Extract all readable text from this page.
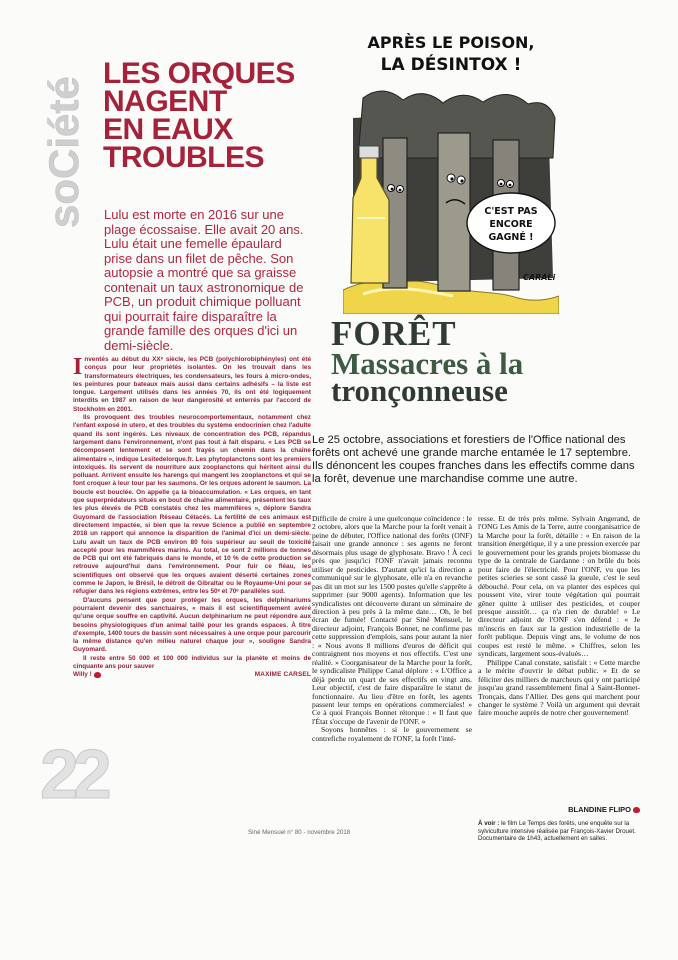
soCiété
LES ORQUES
NAGENT
EN EAUX
TROUBLES
Lulu est morte en 2016 sur une plage écossaise. Elle avait 20 ans. Lulu était une femelle épaulard prise dans un filet de pêche. Son autopsie a montré que sa graisse contenait un taux astronomique de PCB, un produit chimique polluant qui pourrait faire disparaître la grande famille des orques d'ici un demi-siècle.

Inventés au début du XXᵉ siècle, les PCB (polychlorobiphényles) ont été conçus pour leur propriétés isolantes. On les trouvait dans les transformateurs électriques, les condensateurs, les fours à micro-ondes, les peintures pour bateaux mais aussi dans certains adhésifs – la liste est longue. Largement utilisés dans les années 70, ils ont été logiquement interdits en 1987 en raison de leur dangerosité et enterrés par l'accord de Stockholm en 2001.

Ils provoquent des troubles neurocomportementaux, notamment chez l'enfant exposé in utero, et des troubles du système endocrinien chez l'adulte quand ils sont ingérés. Les niveaux de concentration des PCB, répandus largement dans l'environnement, n'ont pas tout à fait disparu. « Les PCB se décomposent lentement et se sont frayés un chemin dans la chaîne alimentaire », indique Lesitedelorque.fr. Les phytoplanctons sont les premiers intoxiqués. Ils servent de nourriture aux zooplanctons qui héritent ainsi du polluant. Arrivent ensuite les harengs qui mangent les zooplanctons et qui se font croquer à leur tour par les saumons. Or les orques adorent le saumon. La boucle est bouclée. On appelle ça la bioaccumulation. « Les orques, en tant que superprédateurs situés en bout de chaîne alimentaire, présentent les taux les plus élevés de PCB constatés chez les mammifères », déplore Sandra Guyomard de l'association Réseau Cétacés. La fertilité de ces animaux est directement impactée, si bien que la revue Science a publié en septembre 2018 un rapport qui annonce la disparition de l'animal d'ici un demi-siècle. Lulu avait un taux de PCB environ 80 fois supérieur au seuil de toxicité accepté pour les mammifères marins. Au total, ce sont 2 millions de tonnes de PCB qui ont été fabriqués dans le monde, et 10 % de cette production se retrouve aujourd'hui dans l'environnement. Pour fuir ce fléau, les scientifiques ont observé que les orques avaient déserté certaines zones comme le Japon, le Brésil, le détroit de Gibraltar ou le Royaume-Uni pour se réfugier dans les régions extrêmes, entre les 50ᵉ et 70ᵉ parallèles sud.

D'aucuns pensent que pour protéger les orques, les delphinariums pourraient devenir des sanctuaires, « mais il est scientifiquement avéré qu'une orque souffre en captivité. Aucun delphinarium ne peut répondre aux besoins physiologiques d'un animal taillé pour les grands espaces. À titre d'exemple, 1400 tours de bassin sont nécessaires à une orque pour parcourir la même distance qu'en milieu naturel chaque jour », souligne Sandra Guyomard.

Il reste entre 50 000 et 100 000 individus sur la planète et moins de cinquante ans pour sauver

Willy !	MAXIME CARSEL
22
APRÈS LE POISON,
LA DÉSINTOX !
C'EST PAS
ENCORE
GAGNÉ !
CARALi
FORÊT
Massacres à la
tronçonneuse
Le 25 octobre, associations et forestiers de l'Office national des forêts ont achevé une grande marche entamée le 17 septembre. Ils dénoncent les coupes franches dans les effectifs comme dans la forêt, devenue une marchandise comme une autre.

Difficile de croire à une quelconque coïncidence : le 2 octobre, alors que la Marche pour la forêt venait à peine de débuter, l'Office national des forêts (ONF) faisait une grande annonce : ses agents ne feront désormais plus usage de glyphosate. Bravo ! À ceci près que jusqu'ici l'ONF n'avait jamais reconnu utiliser de pesticides. D'autant qu'ici la direction a communiqué sur le glyphosate, elle n'a en revanche pas dit un mot sur les 1500 postes qu'elle s'apprête à supprimer (sur 9000 agents). Information que les syndicalistes ont découverte durant un séminaire de direction à peu près à la même date… Oh, le bel écran de fumée! Contacté par Siné Mensuel, le directeur adjoint, François Bonnet, ne confirme pas cette suppression d'emplois, sans pour autant la nier : « Nous avons 8 millions d'euros de déficit qui contraignent nos moyens et nos effectifs. C'est une réalité. » Coorganisateur de la Marche pour la forêt, le syndicaliste Philippe Canal déplore : « L'Office a déjà perdu un quart de ses effectifs en vingt ans. Leur objectif, c'est de faire disparaître le statut de fonctionnaire. Au lieu d'être en forêt, les agents passent leur temps en opérations commerciales! » Ce à quoi François Bonnet rétorque : « Il faut que l'État s'occupe de l'avenir de l'ONF. »

Soyons honnêtes : si le gouvernement se contrefiche royalement de l'ONF, la forêt l'inté-

resse. Et de très près même. Sylvain Angerand, de l'ONG Les Amis de la Terre, autre coorganisatrice de la Marche pour la forêt, détaille : « En raison de la transition énergétique, il y a une pression exercée par le gouvernement pour les grands projets biomasse du type de la centrale de Gardanne : on brûle du bois pour faire de l'électricité. Pour l'ONF, vu que les petites scieries se sont cassé la gueule, c'est le seul débouché. Pour cela, on va planter des espèces qui poussent vite, virer toute végétation qui pourrait gêner quitte à utiliser des pesticides, et couper presque aussitôt… ça n'a rien de durable! » Le directeur adjoint de l'ONF s'en défend : « Je m'inscris en faux sur la gestion industrielle de la forêt publique. Depuis vingt ans, le volume de nos coupes est resté le même. » Chiffres, selon les syndicats, largement sous-évalués…

Philippe Canal constate, satisfait : « Cette marche a le mérite d'ouvrir le débat public. » Et de se féliciter des milliers de marcheurs qui y ont participé jusqu'au grand rassemblement final à Saint-Bonnet-Tronçais, dans l'Allier. Des gens qui marchent pour changer le système ? Voilà un argument qui devrait faire mouche auprès de notre cher gouvernement!

BLANDINE FLIPO
À voir : le film Le Temps des forêts, une enquête sur la sylviculture intensive réalisée par François-Xavier Drouet. Documentaire de 1h43, actuellement en salles.
Siné Mensuel n° 80 - novembre 2018
